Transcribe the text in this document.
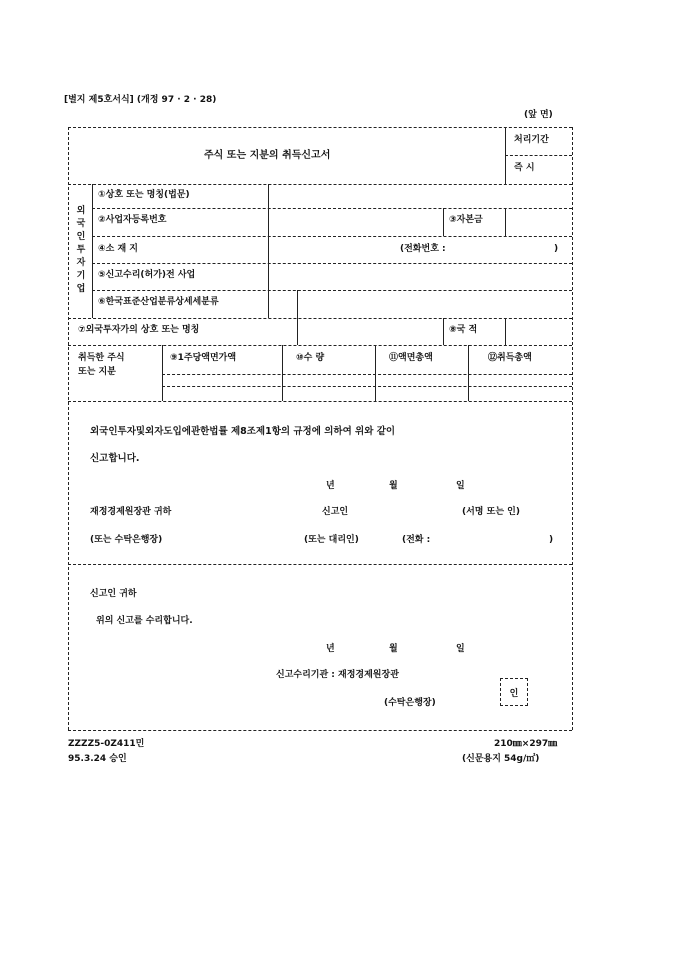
[별지 제5호서식] (개정 97 · 2 · 28)
(앞 면)
주식 또는 지분의 취득신고서
처리기간
즉 시
외국인투자기업
①상호 또는 명칭(법문)
②사업자등록번호	③자본금
④소 재 지	(전화번호 :	)
⑤신고수리(허가)전 사업
⑥한국표준산업분류상세세분류
⑦외국투자가의 상호 또는 명칭	⑧국 적
취득한 주식
또는 지분
⑨1주당액면가액	⑩수 량	⑪액면총액	⑫취득총액
외국인투자및외자도입에관한법률 제8조제1항의 규정에 의하여 위와 같이
신고합니다.
년	월	일
재정경제원장관 귀하	신고인	(서명 또는 인)
(또는 수탁은행장)	(또는 대리인)	(전화 :	)
신고인 귀하
위의 신고를 수리합니다.
년	월	일
신고수리기관 : 재정경제원장관
(수탁은행장)
인
ZZZZ5-0Z411민
95.3.24 승인
210㎜×297㎜
(신문용지 54g/㎡)
